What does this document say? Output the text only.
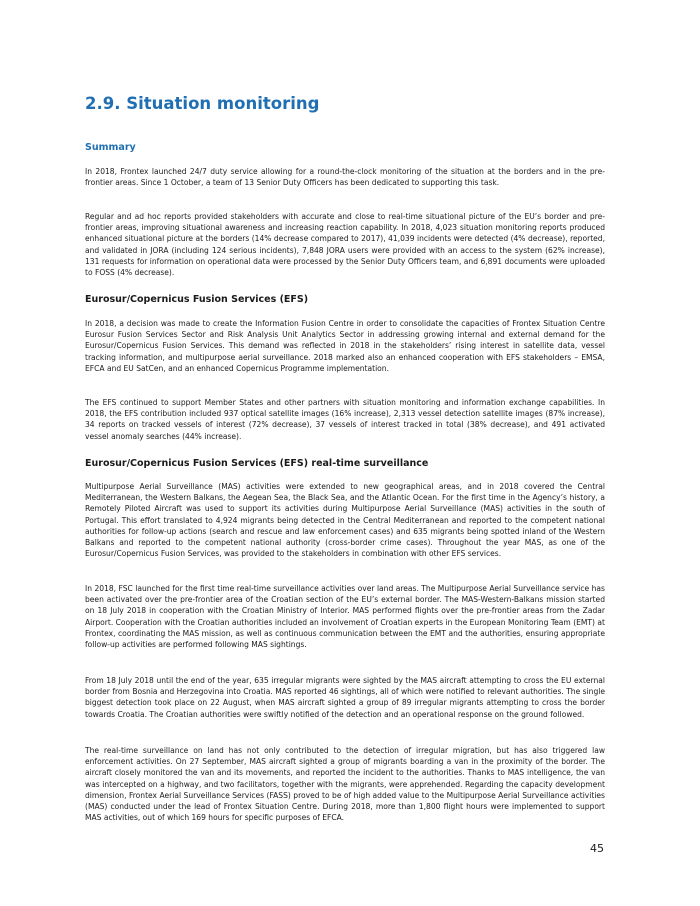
2.9. Situation monitoring
Summary

In 2018, Frontex launched 24/7 duty service allowing for a round-the-clock monitoring of the situation at the borders and in the pre-frontier areas. Since 1 October, a team of 13 Senior Duty Officers has been dedicated to supporting this task.

Regular and ad hoc reports provided stakeholders with accurate and close to real-time situational picture of the EU’s border and pre-frontier areas, improving situational awareness and increasing reaction capability. In 2018, 4,023 situation monitoring reports produced enhanced situational picture at the borders (14% decrease compared to 2017), 41,039 incidents were detected (4% decrease), reported, and validated in JORA (including 124 serious incidents), 7,848 JORA users were provided with an access to the system (62% increase), 131 requests for information on operational data were processed by the Senior Duty Officers team, and 6,891 documents were uploaded to FOSS (4% decrease).

Eurosur/Copernicus Fusion Services (EFS)

In 2018, a decision was made to create the Information Fusion Centre in order to consolidate the capacities of Frontex Situation Centre Eurosur Fusion Services Sector and Risk Analysis Unit Analytics Sector in addressing growing internal and external demand for the Eurosur/Copernicus Fusion Services. This demand was reflected in 2018 in the stakeholders’ rising interest in satellite data, vessel tracking information, and multipurpose aerial surveillance. 2018 marked also an enhanced cooperation with EFS stakeholders – EMSA, EFCA and EU SatCen, and an enhanced Copernicus Programme implementation.

The EFS continued to support Member States and other partners with situation monitoring and information exchange capabilities. In 2018, the EFS contribution included 937 optical satellite images (16% increase), 2,313 vessel detection satellite images (87% increase), 34 reports on tracked vessels of interest (72% decrease), 37 vessels of interest tracked in total (38% decrease), and 491 activated vessel anomaly searches (44% increase).

Eurosur/Copernicus Fusion Services (EFS) real-time surveillance

Multipurpose Aerial Surveillance (MAS) activities were extended to new geographical areas, and in 2018 covered the Central Mediterranean, the Western Balkans, the Aegean Sea, the Black Sea, and the Atlantic Ocean. For the first time in the Agency’s history, a Remotely Piloted Aircraft was used to support its activities during Multipurpose Aerial Surveillance (MAS) activities in the south of Portugal. This effort translated to 4,924 migrants being detected in the Central Mediterranean and reported to the competent national authorities for follow-up actions (search and rescue and law enforcement cases) and 635 migrants being spotted inland of the Western Balkans and reported to the competent national authority (cross-border crime cases). Throughout the year MAS, as one of the Eurosur/Copernicus Fusion Services, was provided to the stakeholders in combination with other EFS services.

In 2018, FSC launched for the first time real-time surveillance activities over land areas. The Multipurpose Aerial Surveillance service has been activated over the pre-frontier area of the Croatian section of the EU’s external border. The MAS-Western-Balkans mission started on 18 July 2018 in cooperation with the Croatian Ministry of Interior. MAS performed flights over the pre-frontier areas from the Zadar Airport. Cooperation with the Croatian authorities included an involvement of Croatian experts in the European Monitoring Team (EMT) at Frontex, coordinating the MAS mission, as well as continuous communication between the EMT and the authorities, ensuring appropriate follow-up activities are performed following MAS sightings.

From 18 July 2018 until the end of the year, 635 irregular migrants were sighted by the MAS aircraft attempting to cross the EU external border from Bosnia and Herzegovina into Croatia. MAS reported 46 sightings, all of which were notified to relevant authorities. The single biggest detection took place on 22 August, when MAS aircraft sighted a group of 89 irregular migrants attempting to cross the border towards Croatia. The Croatian authorities were swiftly notified of the detection and an operational response on the ground followed.

The real-time surveillance on land has not only contributed to the detection of irregular migration, but has also triggered law enforcement activities. On 27 September, MAS aircraft sighted a group of migrants boarding a van in the proximity of the border. The aircraft closely monitored the van and its movements, and reported the incident to the authorities. Thanks to MAS intelligence, the van was intercepted on a highway, and two facilitators, together with the migrants, were apprehended. Regarding the capacity development dimension, Frontex Aerial Surveillance Services (FASS) proved to be of high added value to the Multipurpose Aerial Surveillance activities (MAS) conducted under the lead of Frontex Situation Centre. During 2018, more than 1,800 flight hours were implemented to support MAS activities, out of which 169 hours for specific purposes of EFCA.

45
